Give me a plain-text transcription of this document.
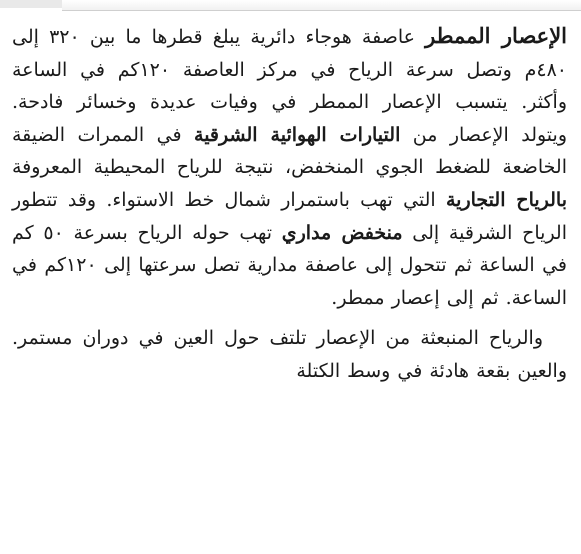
الإعصار الممطر عاصفة هوجاء دائرية يبلغ قطرها ما بين ٣٢٠ إلى ٤٨٠م وتصل سرعة الرياح في مركز العاصفة ١٢٠كم في الساعة وأكثر. يتسبب الإعصار الممطر في وفيات عديدة وخسائر فادحة. ويتولد الإعصار من التيارات الهوائية الشرقية في الممرات الضيقة الخاضعة للضغط الجوي المنخفض، نتيجة للرياح المحيطية المعروفة بالرياح التجارية التي تهب باستمرار شمال خط الاستواء. وقد تتطور الرياح الشرقية إلى منخفض مداري تهب حوله الرياح بسرعة ٥٠ كم في الساعة ثم تتحول إلى عاصفة مدارية تصل سرعتها إلى ١٢٠كم في الساعة. ثم إلى إعصار ممطر.

والرياح المنبعثة من الإعصار تلتف حول العين في دوران مستمر. والعين بقعة هادئة في وسط الكتلة
